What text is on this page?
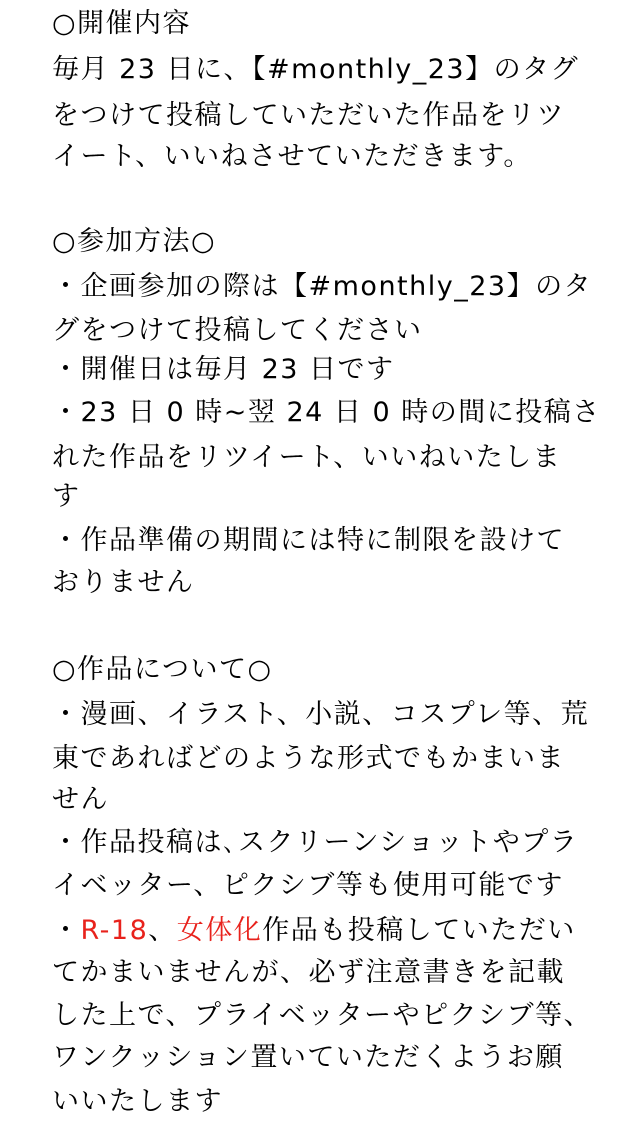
○開催内容
毎月 23 日に、【#monthly_23】のタグ
をつけて投稿していただいた作品をリツ
イート、いいねさせていただきます。
○参加方法○
・企画参加の際は【#monthly_23】のタ
グをつけて投稿してください
・開催日は毎月 23 日です
・23 日 0 時~翌 24 日 0 時の間に投稿さ
れた作品をリツイート、いいねいたしま
す
・作品準備の期間には特に制限を設けて
おりません
○作品について○
・漫画、イラスト、小説、コスプレ等、荒
東であればどのような形式でもかまいま
せん
・作品投稿は､スクリーンショットやプラ
イベッター、ピクシブ等も使用可能です
・R-18、女体化作品も投稿していただい
てかまいませんが、必ず注意書きを記載
した上で、プライベッターやピクシブ等、
ワンクッション置いていただくようお願
いいたします
